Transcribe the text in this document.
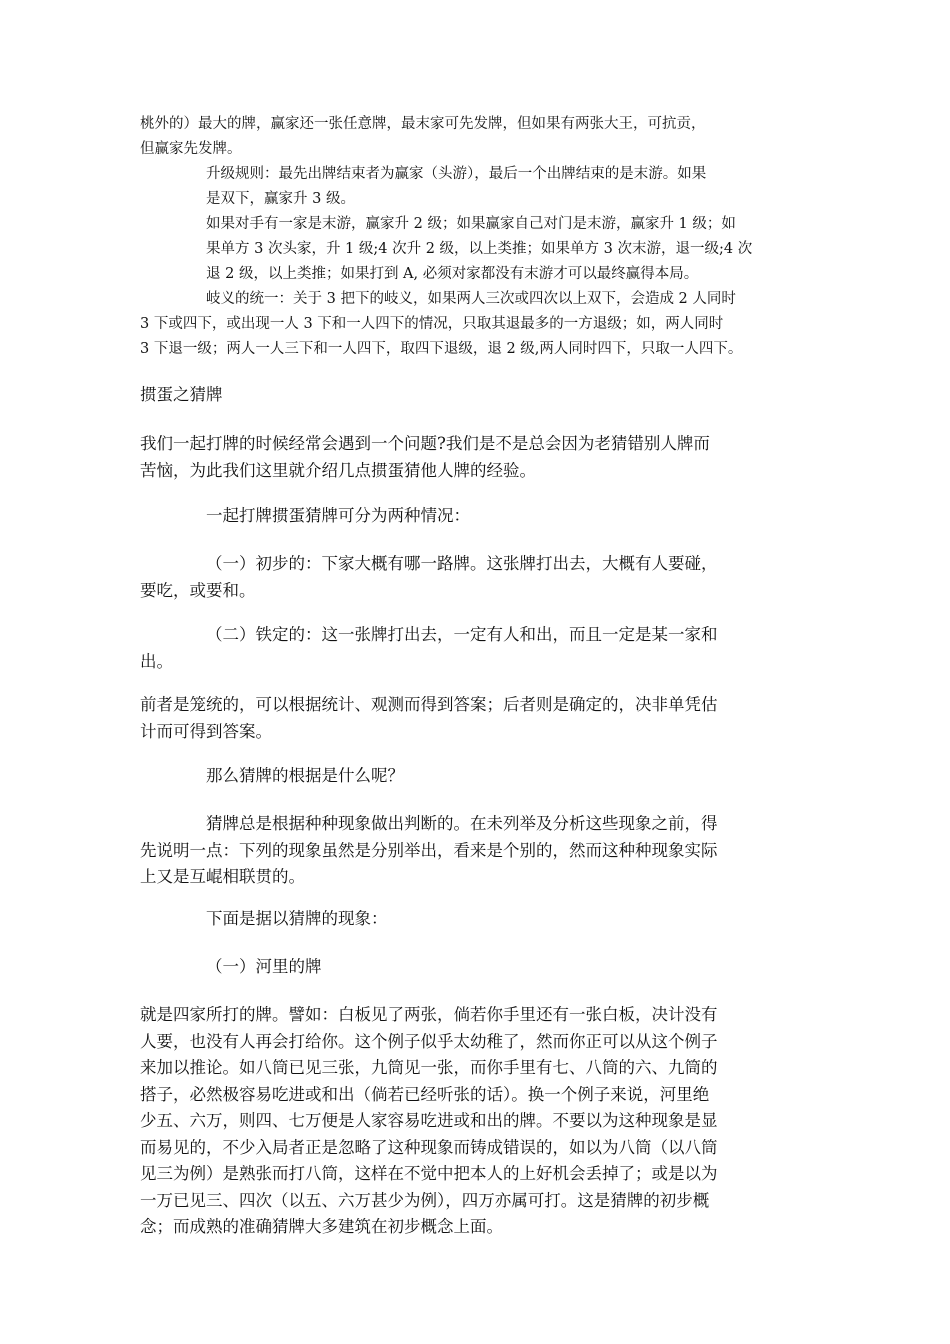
桃外的）最大的牌，赢家还一张任意牌，最末家可先发牌，但如果有两张大王，可抗贡，
但赢家先发牌。

升级规则：最先出牌结束者为赢家（头游），最后一个出牌结束的是末游。如果
是双下，赢家升 3 级。

如果对手有一家是末游，赢家升 2 级；如果赢家自己对门是末游，赢家升 1 级；如
果单方 3 次头家，升 1 级;4 次升 2 级，以上类推；如果单方 3 次末游，退一级;4 次
退 2 级，以上类推；如果打到 A, 必须对家都没有末游才可以最终赢得本局。

岐义的统一：关于 3 把下的岐义，如果两人三次或四次以上双下，会造成 2 人同时
3 下或四下，或出现一人 3 下和一人四下的情况，只取其退最多的一方退级；如，两人同时
3 下退一级；两人一人三下和一人四下，取四下退级，退 2 级,两人同时四下，只取一人四下。

掼蛋之猜牌

我们一起打牌的时候经常会遇到一个问题?我们是不是总会因为老猜错别人牌而
苦恼，为此我们这里就介绍几点掼蛋猜他人牌的经验。

一起打牌掼蛋猜牌可分为两种情况：

（一）初步的：下家大概有哪一路牌。这张牌打出去，大概有人要碰，
要吃，或要和。

（二）铁定的：这一张牌打出去，一定有人和出，而且一定是某一家和
出。

前者是笼统的，可以根据统计、观测而得到答案；后者则是确定的，决非单凭估
计而可得到答案。

那么猜牌的根据是什么呢？

猜牌总是根据种种现象做出判断的。在未列举及分析这些现象之前，得
先说明一点：下列的现象虽然是分别举出，看来是个别的，然而这种种现象实际
上又是互崐相联贯的。

下面是据以猜牌的现象：

（一）河里的牌

就是四家所打的牌。譬如：白板见了两张，倘若你手里还有一张白板，决计没有
人要，也没有人再会打给你。这个例子似乎太幼稚了，然而你正可以从这个例子
来加以推论。如八筒已见三张，九筒见一张，而你手里有七、八筒的六、九筒的
搭子，必然极容易吃进或和出（倘若已经听张的话）。换一个例子来说，河里绝
少五、六万，则四、七万便是人家容易吃进或和出的牌。不要以为这种现象是显
而易见的，不少入局者正是忽略了这种现象而铸成错误的，如以为八筒（以八筒
见三为例）是熟张而打八筒，这样在不觉中把本人的上好机会丢掉了；或是以为
一万已见三、四次（以五、六万甚少为例），四万亦属可打。这是猜牌的初步概
念；而成熟的准确猜牌大多建筑在初步概念上面。
